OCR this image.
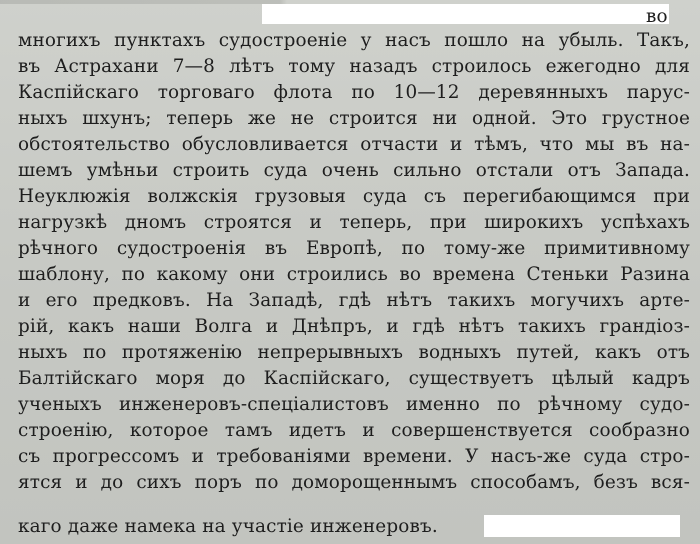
во
многихъ пунктахъ судостроеніе у насъ пошло на убыль. Такъ,
въ Астрахани 7—8 лѣтъ тому назадъ строилось ежегодно для
Каспійскаго торговаго флота по 10—12 деревянныхъ парус-
ныхъ шхунъ; теперь же не строится ни одной. Это грустное
обстоятельство обусловливается отчасти и тѣмъ, что мы въ на-
шемъ умѣньи строить суда очень сильно отстали отъ Запада.
Неуклюжія волжскія грузовыя суда съ перегибающимся при
нагрузкѣ дномъ строятся и теперь, при широкихъ успѣхахъ
рѣчного судостроенія въ Европѣ, по тому-же примитивному
шаблону, по какому они строились во времена Стеньки Разина
и его предковъ. На Западѣ, гдѣ нѣтъ такихъ могучихъ арте-
рій, какъ наши Волга и Днѣпръ, и гдѣ нѣтъ такихъ грандіоз-
ныхъ по протяженію непрерывныхъ водныхъ путей, какъ отъ
Балтійскаго моря до Каспійскаго, существуетъ цѣлый кадръ
ученыхъ инженеровъ-спеціалистовъ именно по рѣчному судо-
строенію, которое тамъ идетъ и совершенствуется сообразно
съ прогрессомъ и требованіями времени. У насъ-же суда стро-
ятся и до сихъ поръ по доморощеннымъ способамъ, безъ вся-
каго даже намека на участіе инженеровъ.
